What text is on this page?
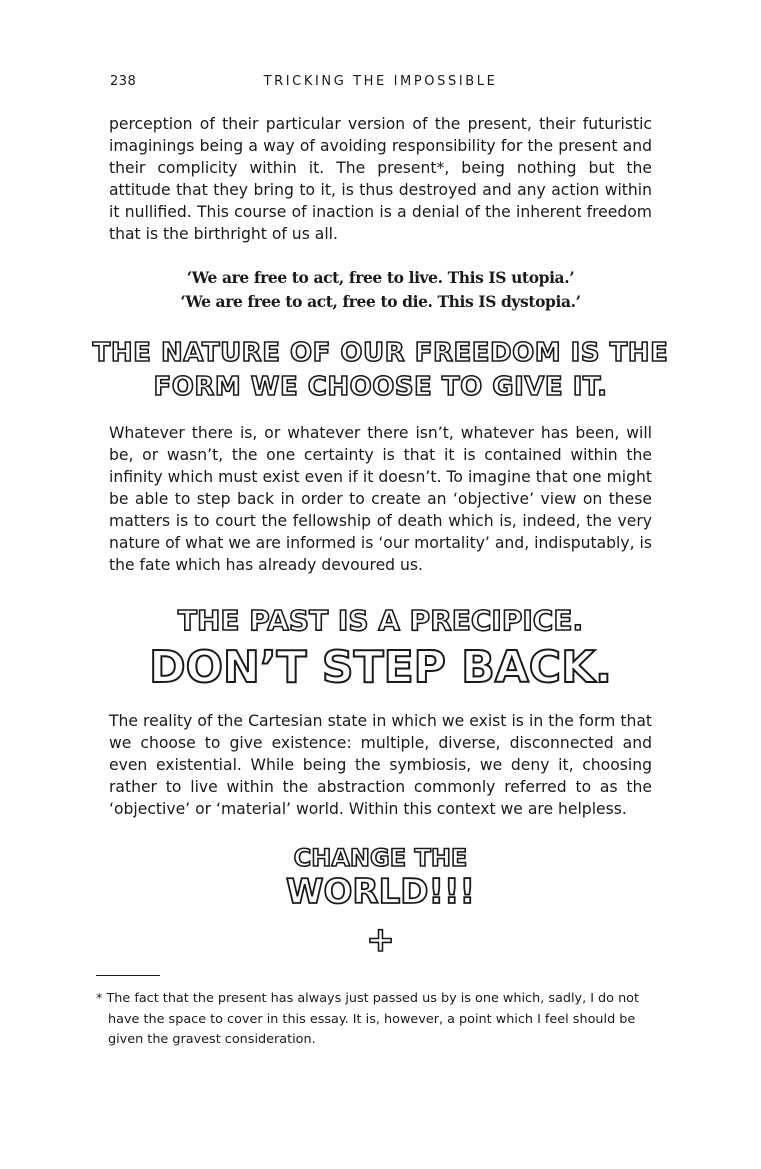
238	TRICKING THE IMPOSSIBLE

perception of their particular version of the present, their futuristic imaginings being a way of avoiding responsibility for the present and their complicity within it. The present*, being nothing but the attitude that they bring to it, is thus destroyed and any action within it nullified. This course of inaction is a denial of the inherent freedom that is the birthright of us all.

‘We are free to act, free to live. This IS utopia.’
‘We are free to act, free to die. This IS dystopia.’

THE NATURE OF OUR FREEDOM IS THE
FORM WE CHOOSE TO GIVE IT.

Whatever there is, or whatever there isn’t, whatever has been, will be, or wasn’t, the one certainty is that it is contained within the infinity which must exist even if it doesn’t. To imagine that one might be able to step back in order to create an ‘objective’ view on these matters is to court the fellowship of death which is, indeed, the very nature of what we are informed is ‘our mortality’ and, indisputably, is the fate which has already devoured us.

THE PAST IS A PRECIPICE.

DON’T STEP BACK.

The reality of the Cartesian state in which we exist is in the form that we choose to give existence: multiple, diverse, disconnected and even existential. While being the symbiosis, we deny it, choosing rather to live within the abstraction commonly referred to as the ‘objective’ or ‘material’ world. Within this context we are helpless.

CHANGE THE

WORLD!!!

+

* The fact that the present has always just passed us by is one which, sadly, I do not have the space to cover in this essay. It is, however, a point which I feel should be given the gravest consideration.
